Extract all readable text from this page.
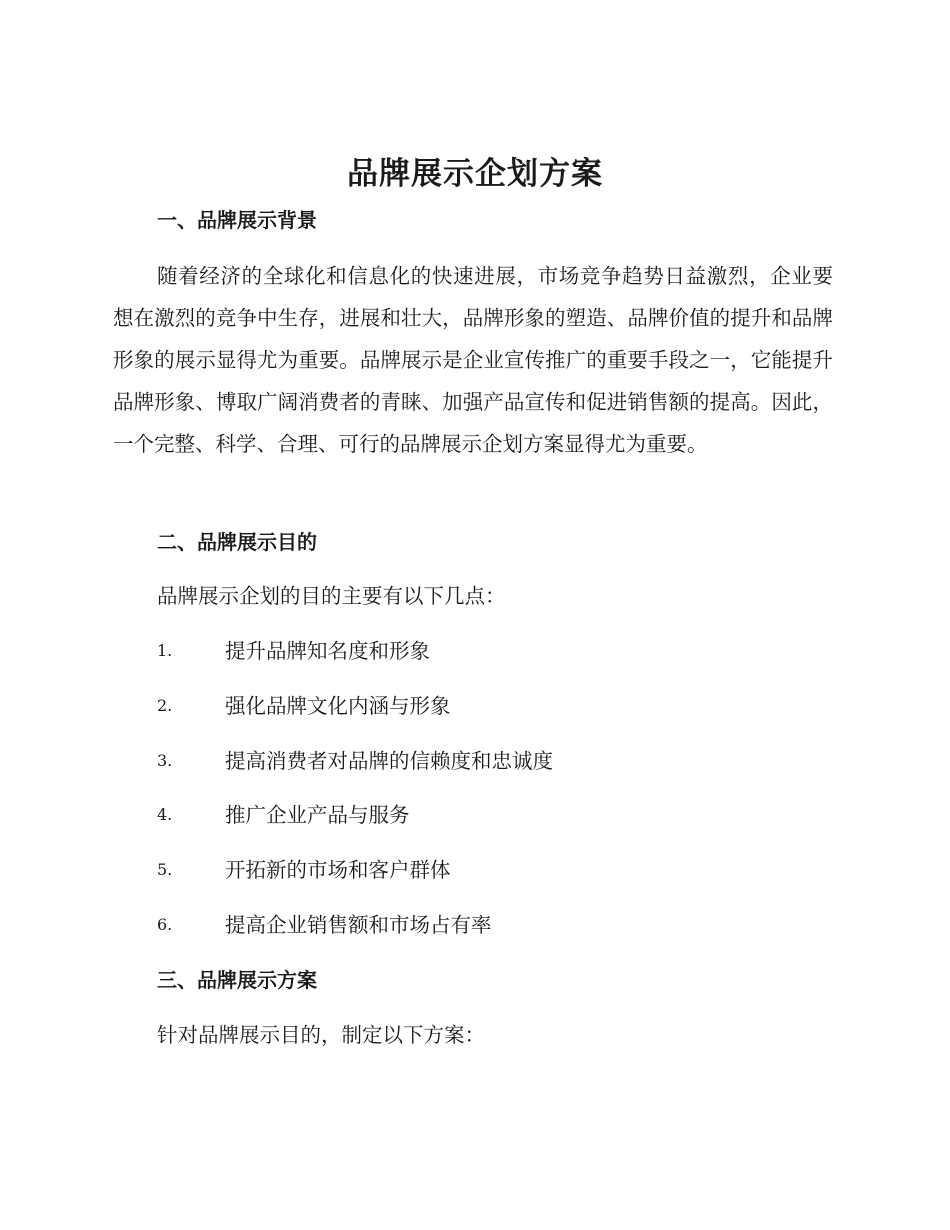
品牌展示企划方案
一、品牌展示背景

随着经济的全球化和信息化的快速进展，市场竞争趋势日益激烈，企业要想在激烈的竞争中生存，进展和壮大，品牌形象的塑造、品牌价值的提升和品牌形象的展示显得尤为重要。品牌展示是企业宣传推广的重要手段之一，它能提升品牌形象、博取广阔消费者的青睐、加强产品宣传和促进销售额的提高。因此，一个完整、科学、合理、可行的品牌展示企划方案显得尤为重要。

二、品牌展示目的

品牌展示企划的目的主要有以下几点：

1.	提升品牌知名度和形象
2.	强化品牌文化内涵与形象
3.	提高消费者对品牌的信赖度和忠诚度
4.	推广企业产品与服务
5.	开拓新的市场和客户群体
6.	提高企业销售额和市场占有率
三、品牌展示方案

针对品牌展示目的，制定以下方案：
